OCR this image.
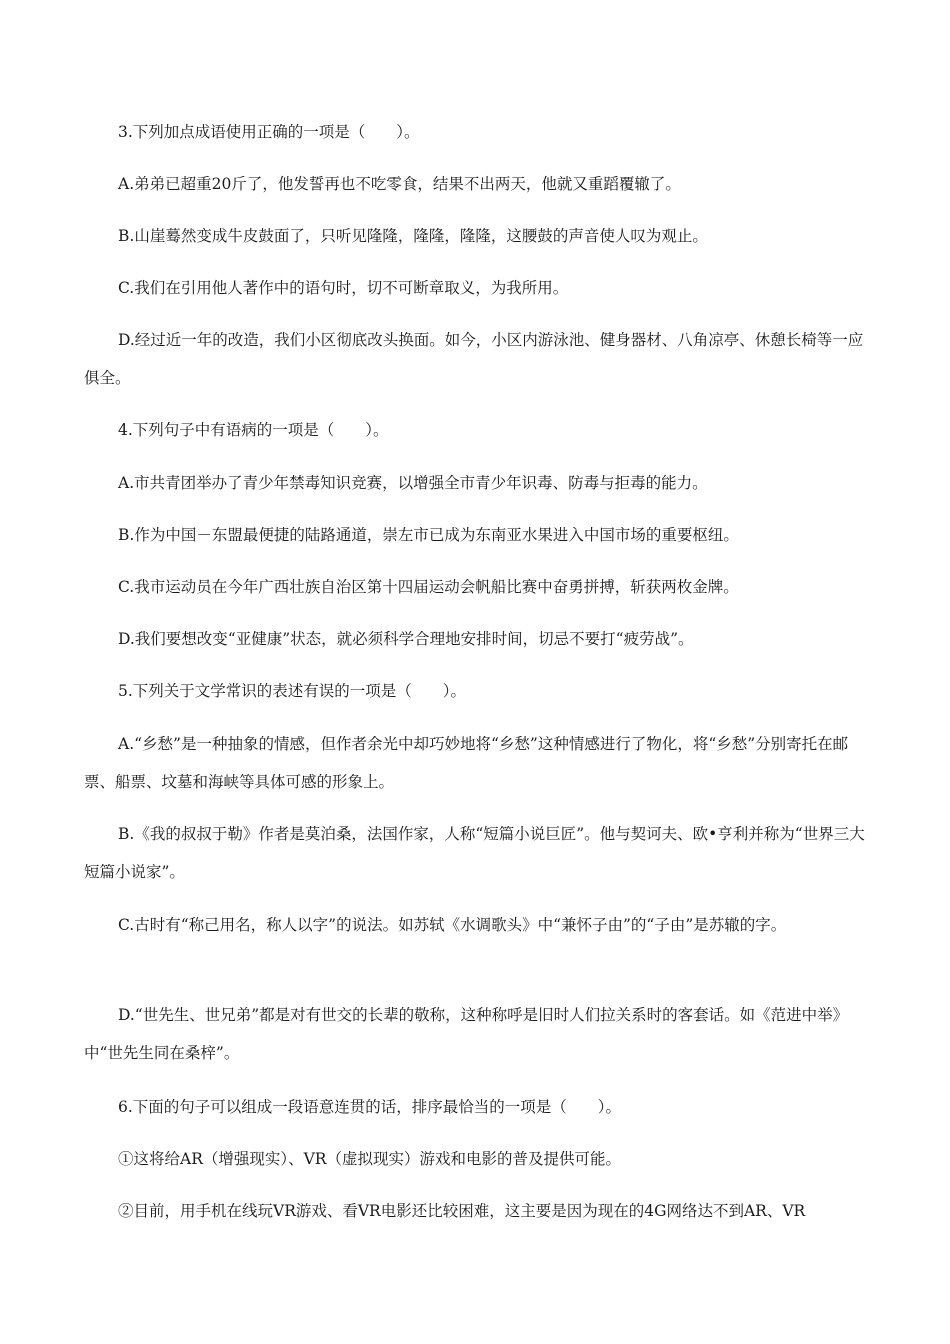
3.下列加点成语使用正确的一项是（　　）。

A.弟弟已超重20斤了，他发誓再也不吃零食，结果不出两天，他就又重蹈覆辙了。

B.山崖蓦然变成牛皮鼓面了，只听见隆隆，隆隆，隆隆，这腰鼓的声音使人叹为观止。

C.我们在引用他人著作中的语句时，切不可断章取义，为我所用。

D.经过近一年的改造，我们小区彻底改头换面。如今，小区内游泳池、健身器材、八角凉亭、休憩长椅等一应俱全。

4.下列句子中有语病的一项是（　　）。

A.市共青团举办了青少年禁毒知识竞赛，以增强全市青少年识毒、防毒与拒毒的能力。

B.作为中国－东盟最便捷的陆路通道，崇左市已成为东南亚水果进入中国市场的重要枢纽。

C.我市运动员在今年广西壮族自治区第十四届运动会帆船比赛中奋勇拼搏，斩获两枚金牌。

D.我们要想改变“亚健康”状态，就必须科学合理地安排时间，切忌不要打“疲劳战”。

5.下列关于文学常识的表述有误的一项是（　　）。

A.“乡愁”是一种抽象的情感，但作者余光中却巧妙地将“乡愁”这种情感进行了物化，将“乡愁”分别寄托在邮票、船票、坟墓和海峡等具体可感的形象上。

B.《我的叔叔于勒》作者是莫泊桑，法国作家，人称“短篇小说巨匠”。他与契诃夫、欧•亨利并称为“世界三大短篇小说家”。

C.古时有“称己用名，称人以字”的说法。如苏轼《水调歌头》中“兼怀子由”的“子由”是苏辙的字。

D.“世先生、世兄弟”都是对有世交的长辈的敬称，这种称呼是旧时人们拉关系时的客套话。如《范进中举》中“世先生同在桑梓”。

6.下面的句子可以组成一段语意连贯的话，排序最恰当的一项是（　　）。

①这将给AR（增强现实）、VR（虚拟现实）游戏和电影的普及提供可能。

②目前，用手机在线玩VR游戏、看VR电影还比较困难，这主要是因为现在的4G网络达不到AR、VR
